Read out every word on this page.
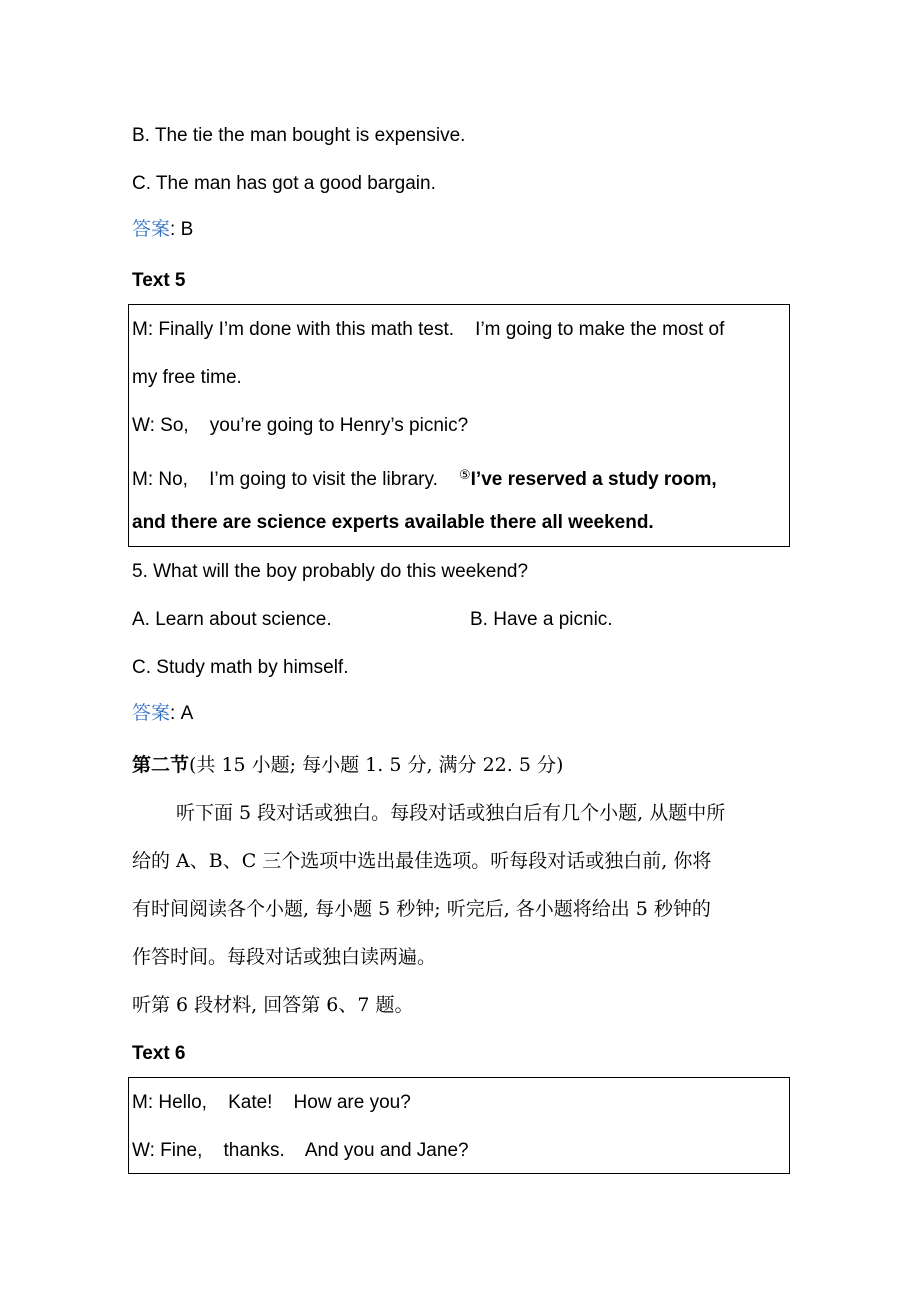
B. The tie the man bought is expensive.
C. The man has got a good bargain.
答案: B
Text 5
M: Finally I’m done with this math test.    I’m going to make the most of
my free time.
W: So,    you’re going to Henry’s picnic?
M: No,    I’m going to visit the library.    ⑤I’ve reserved a study room,
and there are science experts available there all weekend.
5. What will the boy probably do this weekend?
A. Learn about science.	B. Have a picnic.
C. Study math by himself.
答案: A
第二节(共 15 小题; 每小题 1. 5 分, 满分 22. 5 分)
听下面 5 段对话或独白。每段对话或独白后有几个小题, 从题中所
给的 A、B、C 三个选项中选出最佳选项。听每段对话或独白前, 你将
有时间阅读各个小题, 每小题 5 秒钟; 听完后, 各小题将给出 5 秒钟的
作答时间。每段对话或独白读两遍。
听第 6 段材料, 回答第 6、7 题。
Text 6
M: Hello,    Kate!    How are you?
W: Fine,    thanks.    And you and Jane?
